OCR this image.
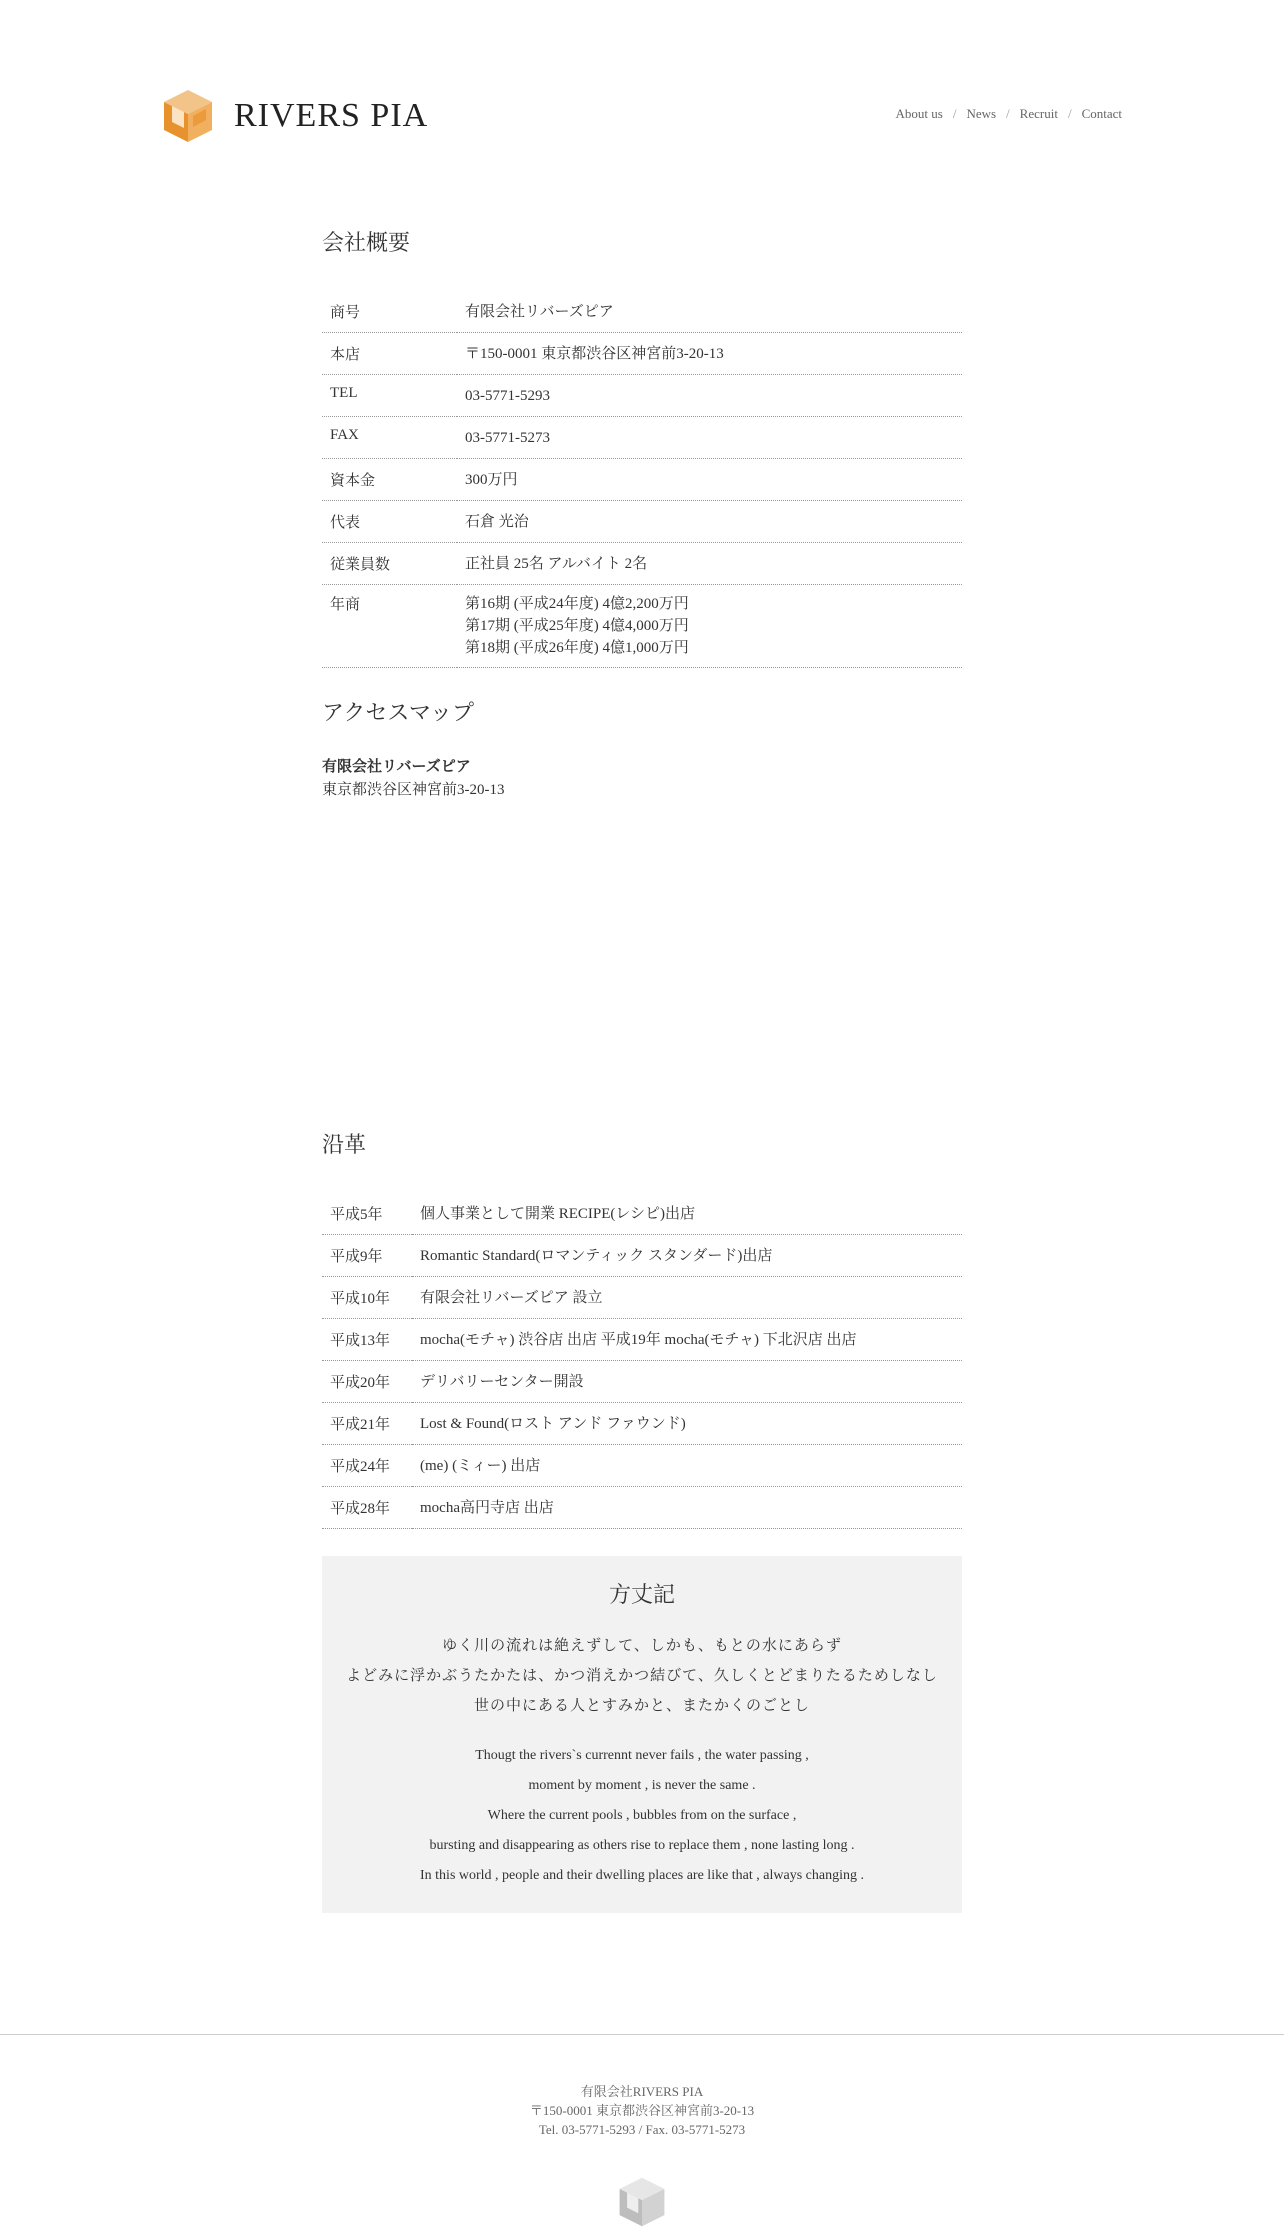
RIVERS PIA	About us / News / Recruit / Contact
会社概要
商号	有限会社リバーズピア
本店	〒150-0001 東京都渋谷区神宮前3-20-13
TEL	03-5771-5293
FAX	03-5771-5273
資本金	300万円
代表	石倉 光治
従業員数	正社員 25名 アルバイト 2名
年商	第16期 (平成24年度) 4億2,200万円
第17期 (平成25年度) 4億4,000万円
第18期 (平成26年度) 4億1,000万円
アクセスマップ
有限会社リバーズピア
東京都渋谷区神宮前3-20-13
沿革
平成5年	個人事業として開業 RECIPE(レシピ)出店
平成9年	Romantic Standard(ロマンティック スタンダード)出店
平成10年	有限会社リバーズピア 設立
平成13年	mocha(モチャ) 渋谷店 出店 平成19年 mocha(モチャ) 下北沢店 出店
平成20年	デリバリーセンター開設
平成21年	Lost & Found(ロスト アンド ファウンド)
平成24年	(me) (ミィー) 出店
平成28年	mocha高円寺店 出店
方丈記
ゆく川の流れは絶えずして、しかも、もとの水にあらず
よどみに浮かぶうたかたは、かつ消えかつ結びて、久しくとどまりたるためしなし
世の中にある人とすみかと、またかくのごとし
Thougt the rivers`s currennt never fails , the water passing ,
moment by moment , is never the same .
Where the current pools , bubbles from on the surface ,
bursting and disappearing as others rise to replace them , none lasting long .
In this world , people and their dwelling places are like that , always changing .
有限会社RIVERS PIA
〒150-0001 東京都渋谷区神宮前3-20-13
Tel. 03-5771-5293 / Fax. 03-5771-5273
